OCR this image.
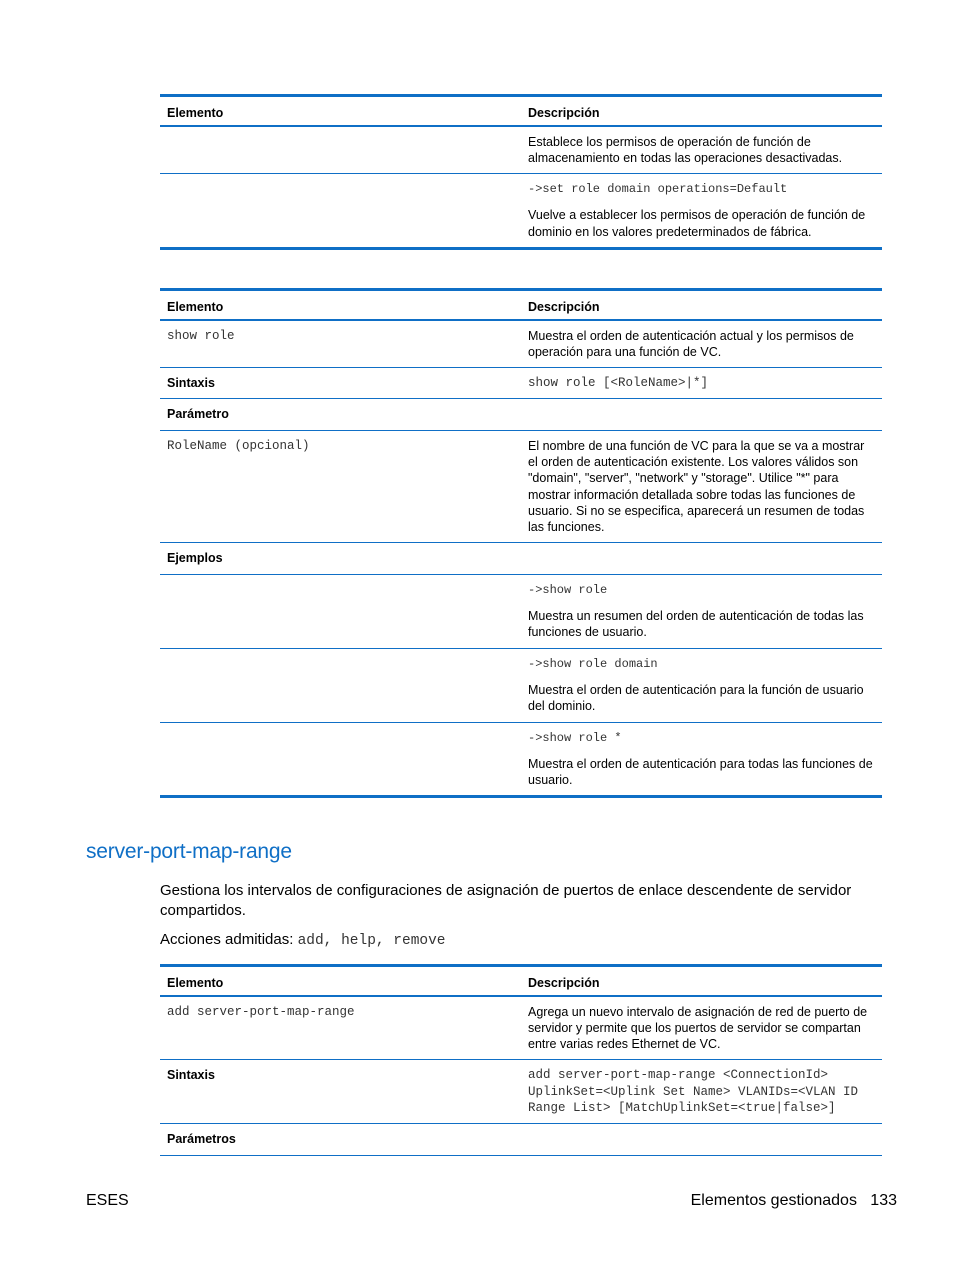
Elemento	Descripción
	Establece los permisos de operación de función de almacenamiento en todas las operaciones desactivadas.

	->set role domain operations=Default
Vuelve a establecer los permisos de operación de función de dominio en los valores predeterminados de fábrica.
Elemento	Descripción
show role	Muestra el orden de autenticación actual y los permisos de operación para una función de VC.
Sintaxis	show role [<RoleName>|*]
Parámetro	
RoleName (opcional)	El nombre de una función de VC para la que se va a mostrar el orden de autenticación existente. Los valores válidos son "domain", "server", "network" y "storage". Utilice "*" para mostrar información detallada sobre todas las funciones de usuario. Si no se especifica, aparecerá un resumen de todas las funciones.
Ejemplos	

	->show role
Muestra un resumen del orden de autenticación de todas las funciones de usuario.

	->show role domain
Muestra el orden de autenticación para la función de usuario del dominio.

	->show role *
Muestra el orden de autenticación para todas las funciones de usuario.
server-port-map-range

Gestiona los intervalos de configuraciones de asignación de puertos de enlace descendente de servidor compartidos.

Acciones admitidas: add, help, remove

Elemento	Descripción
add server-port-map-range	Agrega un nuevo intervalo de asignación de red de puerto de servidor y permite que los puertos de servidor se compartan entre varias redes Ethernet de VC.
Sintaxis	add server-port-map-range <ConnectionId> UplinkSet=<Uplink Set Name> VLANIDs=<VLAN ID Range List> [MatchUplinkSet=<true|false>]
Parámetros	

ESES	Elementos gestionados 133
